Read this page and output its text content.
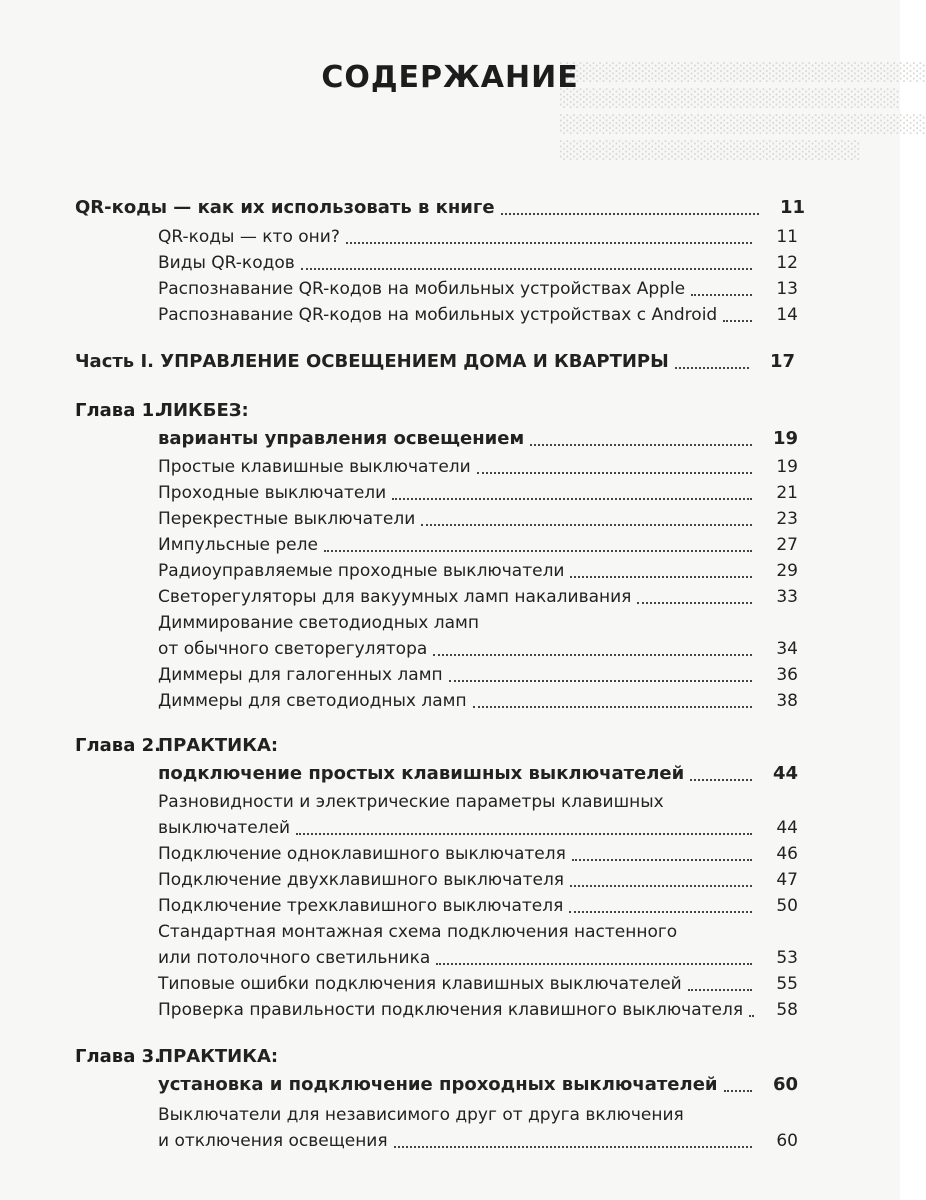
░░░░░░░░░░░░░░░░░░░░░░░░░░░░
░░░░░░░░░░░░░░░░░░░░░░░░░░
░░░░░░░░░░░░░░░░░░░░░░░░░░░░
░░░░░░░░░░░░░░░░░░░░░░░
СОДЕРЖАНИЕ
QR-коды — как их использовать в книге	11
QR-коды — кто они?	11
Виды QR-кодов	12
Распознавание QR-кодов на мобильных устройствах Apple	13
Распознавание QR-кодов на мобильных устройствах с Android	14
Часть I. УПРАВЛЕНИЕ ОСВЕЩЕНИЕМ ДОМА И КВАРТИРЫ	17
Глава 1.
ЛИКБЕЗ:
варианты управления освещением	19
Простые клавишные выключатели	19
Проходные выключатели	21
Перекрестные выключатели	23
Импульсные реле	27
Радиоуправляемые проходные выключатели	29
Светорегуляторы для вакуумных ламп накаливания	33
Диммирование светодиодных ламп
от обычного светорегулятора	34
Диммеры для галогенных ламп	36
Диммеры для светодиодных ламп	38
Глава 2.
ПРАКТИКА:
подключение простых клавишных выключателей	44
Разновидности и электрические параметры клавишных
выключателей	44
Подключение одноклавишного выключателя	46
Подключение двухклавишного выключателя	47
Подключение трехклавишного выключателя	50
Стандартная монтажная схема подключения настенного
или потолочного светильника	53
Типовые ошибки подключения клавишных выключателей	55
Проверка правильности подключения клавишного выключателя	58
Глава 3.
ПРАКТИКА:
установка и подключение проходных выключателей	60
Выключатели для независимого друг от друга включения
и отключения освещения	60
